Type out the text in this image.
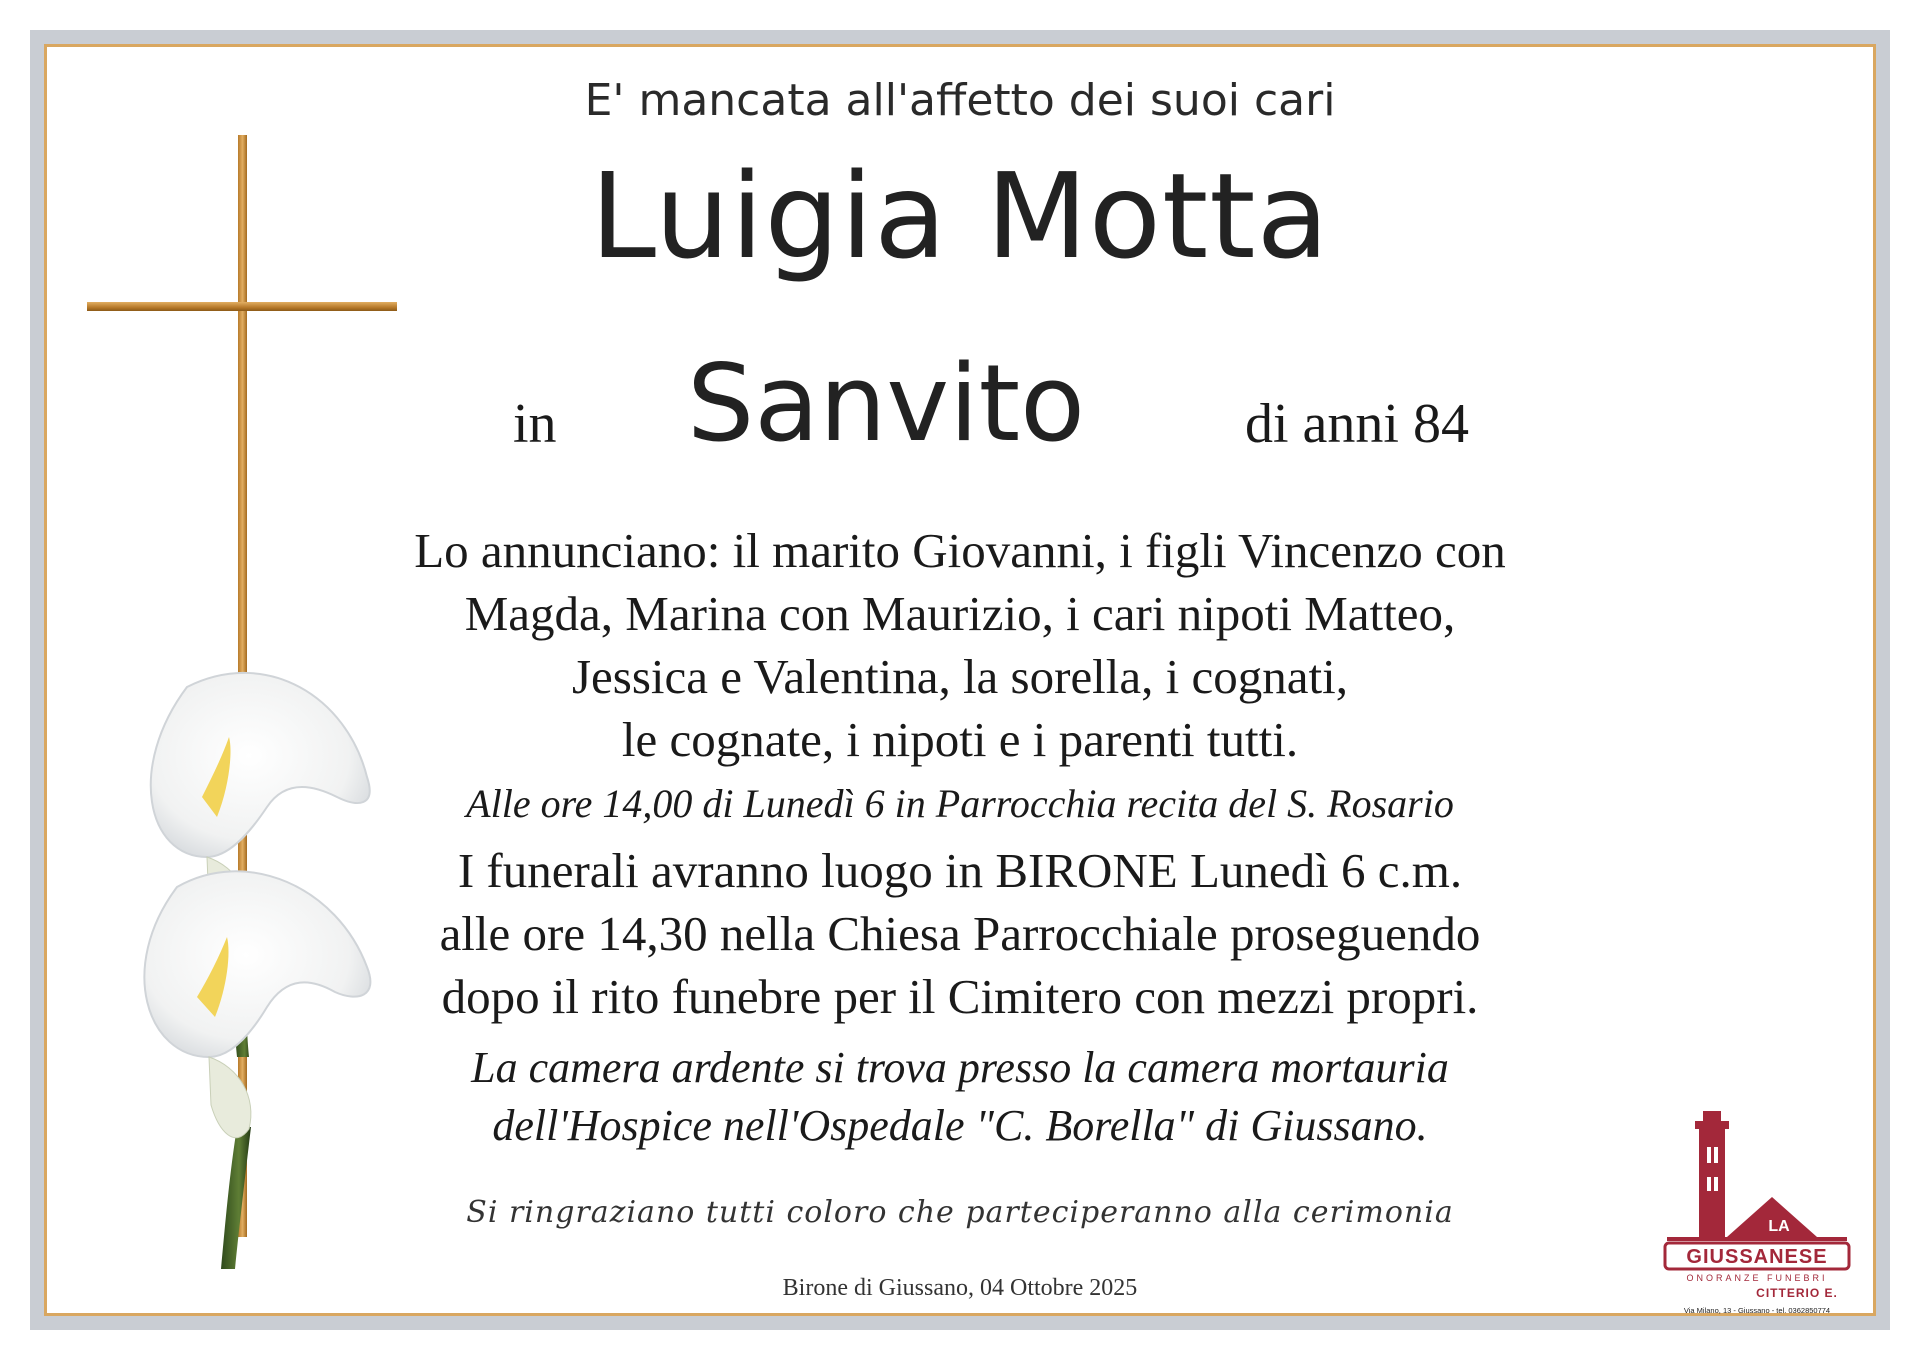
E' mancata all'affetto dei suoi cari
Luigia Motta
in Sanvito	di anni 84
Lo annunciano: il marito Giovanni, i figli Vincenzo con
Magda, Marina con Maurizio, i cari nipoti Matteo,
Jessica e Valentina, la sorella, i cognati,
le cognate, i nipoti e i parenti tutti.
Alle ore 14,00 di Lunedì 6 in Parrocchia recita del S. Rosario
I funerali avranno luogo in BIRONE Lunedì 6 c.m.
alle ore 14,30 nella Chiesa Parrocchiale proseguendo
dopo il rito funebre per il Cimitero con mezzi propri.
La camera ardente si trova presso la camera mortauria
dell'Hospice nell'Ospedale "C. Borella" di Giussano.
Si ringraziano tutti coloro che parteciperanno alla cerimonia
Birone di Giussano, 04 Ottobre 2025
LA
GIUSSANESE
ONORANZE FUNEBRI
CITTERIO E.
Via Milano, 13 - Giussano - tel. 0362850774
